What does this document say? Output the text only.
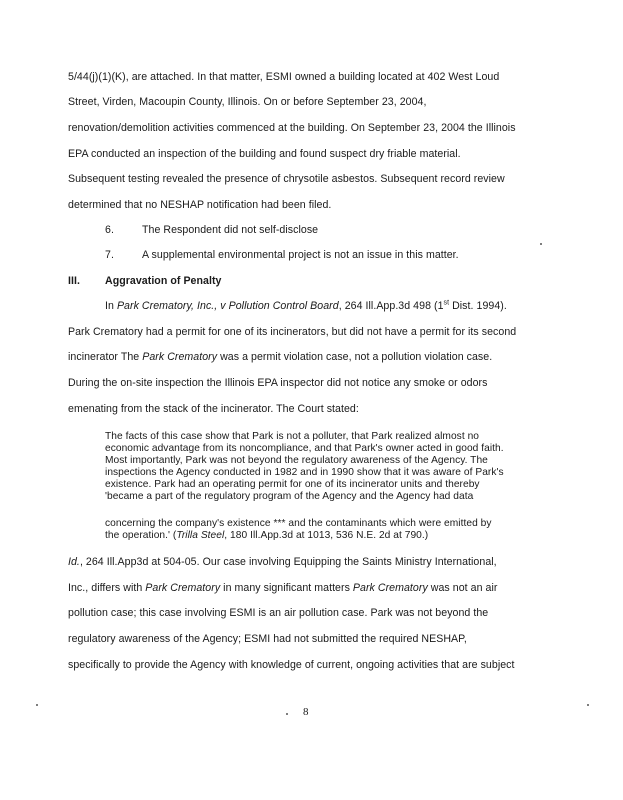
5/44(j)(1)(K), are attached. In that matter, ESMI owned a building located at 402 West Loud
Street, Virden, Macoupin County, Illinois. On or before September 23, 2004,
renovation/demolition activities commenced at the building. On September 23, 2004 the Illinois
EPA conducted an inspection of the building and found suspect dry friable material.
Subsequent testing revealed the presence of chrysotile asbestos. Subsequent record review
determined that no NESHAP notification had been filed.
6.	The Respondent did not self-disclose
7.	A supplemental environmental project is not an issue in this matter.
III. Aggravation of Penalty
In Park Crematory, Inc., v Pollution Control Board, 264 Ill.App.3d 498 (1st Dist. 1994).
Park Crematory had a permit for one of its incinerators, but did not have a permit for its second
incinerator The Park Crematory was a permit violation case, not a pollution violation case.
During the on-site inspection the Illinois EPA inspector did not notice any smoke or odors
emenating from the stack of the incinerator. The Court stated:
The facts of this case show that Park is not a polluter, that Park realized almost no
economic advantage from its noncompliance, and that Park's owner acted in good faith.
Most importantly, Park was not beyond the regulatory awareness of the Agency. The
inspections the Agency conducted in 1982 and in 1990 show that it was aware of Park's
existence. Park had an operating permit for one of its incinerator units and thereby
'became a part of the regulatory program of the Agency and the Agency had data
concerning the company's existence *** and the contaminants which were emitted by
the operation.' (Trilla Steel, 180 Ill.App.3d at 1013, 536 N.E. 2d at 790.)
Id., 264 Ill.App3d at 504-05. Our case involving Equipping the Saints Ministry International,
Inc., differs with Park Crematory in many significant matters Park Crematory was not an air
pollution case; this case involving ESMI is an air pollution case. Park was not beyond the
regulatory awareness of the Agency; ESMI had not submitted the required NESHAP,
specifically to provide the Agency with knowledge of current, ongoing activities that are subject
8
